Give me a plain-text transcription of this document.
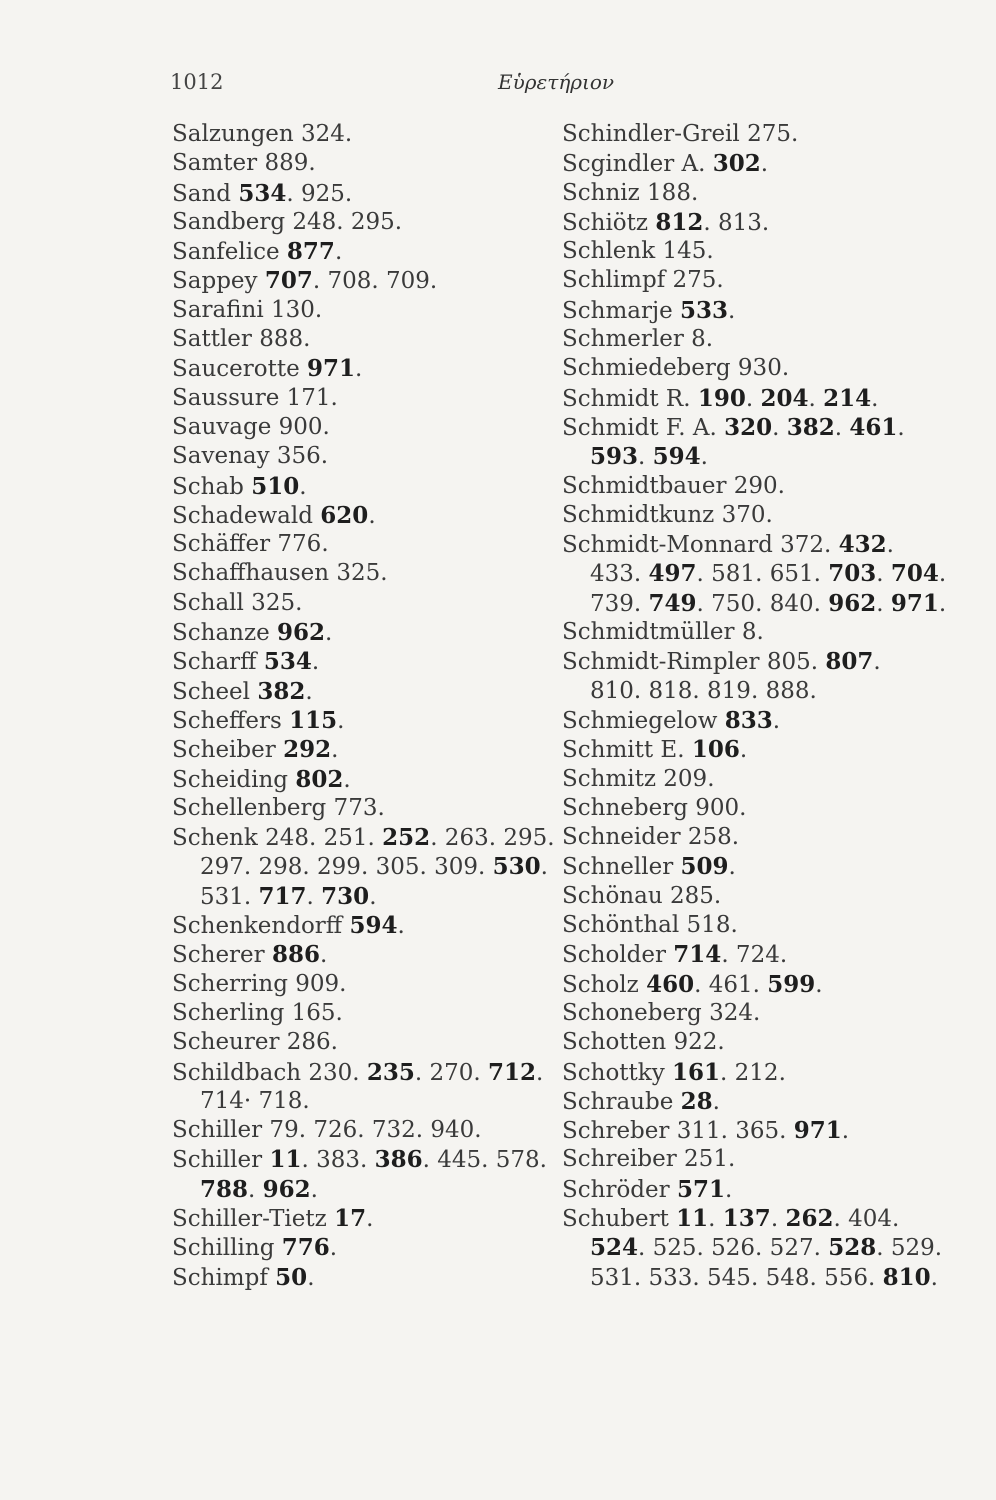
1012	Εὑρετήριον
Salzungen 324.
Samter 889.
Sand 534. 925.
Sandberg 248. 295.
Sanfelice 877.
Sappey 707. 708. 709.
Sarafini 130.
Sattler 888.
Saucerotte 971.
Saussure 171.
Sauvage 900.
Savenay 356.
Schab 510.
Schadewald 620.
Schäffer 776.
Schaffhausen 325.
Schall 325.
Schanze 962.
Scharff 534.
Scheel 382.
Scheffers 115.
Scheiber 292.
Scheiding 802.
Schellenberg 773.
Schenk 248. 251. 252. 263. 295.
297. 298. 299. 305. 309. 530.
531. 717. 730.
Schenkendorff 594.
Scherer 886.
Scherring 909.
Scherling 165.
Scheurer 286.
Schildbach 230. 235. 270. 712.
714· 718.
Schiller 79. 726. 732. 940.
Schiller 11. 383. 386. 445. 578.
788. 962.
Schiller-Tietz 17.
Schilling 776.
Schimpf 50.
Schindler-Greil 275.
Scgindler A. 302.
Schniz 188.
Schiötz 812. 813.
Schlenk 145.
Schlimpf 275.
Schmarje 533.
Schmerler 8.
Schmiedeberg 930.
Schmidt R. 190. 204. 214.
Schmidt F. A. 320. 382. 461.
593. 594.
Schmidtbauer 290.
Schmidtkunz 370.
Schmidt-Monnard 372. 432.
433. 497. 581. 651. 703. 704.
739. 749. 750. 840. 962. 971.
Schmidtmüller 8.
Schmidt-Rimpler 805. 807.
810. 818. 819. 888.
Schmiegelow 833.
Schmitt E. 106.
Schmitz 209.
Schneberg 900.
Schneider 258.
Schneller 509.
Schönau 285.
Schönthal 518.
Scholder 714. 724.
Scholz 460. 461. 599.
Schoneberg 324.
Schotten 922.
Schottky 161. 212.
Schraube 28.
Schreber 311. 365. 971.
Schreiber 251.
Schröder 571.
Schubert 11. 137. 262. 404.
524. 525. 526. 527. 528. 529.
531. 533. 545. 548. 556. 810.
